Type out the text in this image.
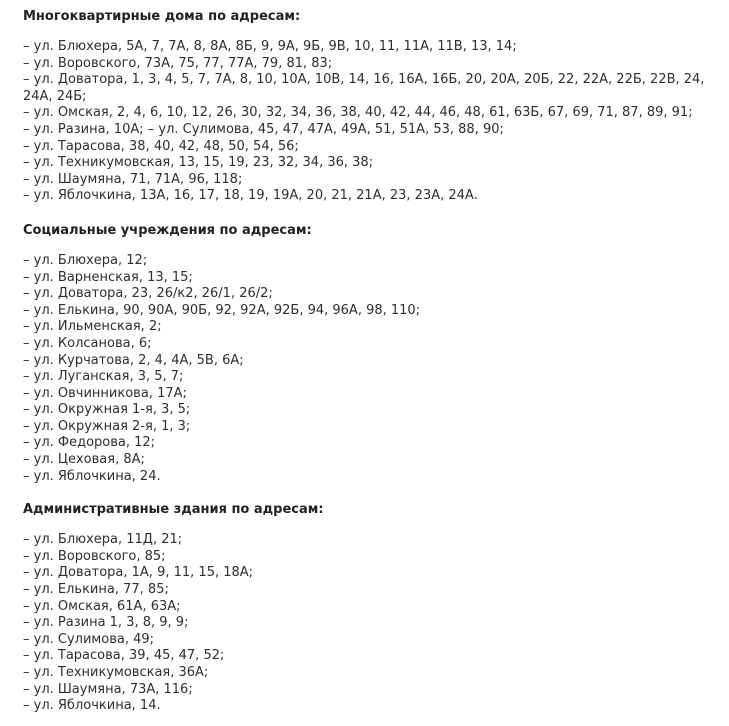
Многоквартирные дома по адресам:

– ул. Блюхера, 5А, 7, 7А, 8, 8А, 8Б, 9, 9А, 9Б, 9В, 10, 11, 11А, 11В, 13, 14;
– ул. Воровского, 73А, 75, 77, 77А, 79, 81, 83;
– ул. Доватора, 1, 3, 4, 5, 7, 7А, 8, 10, 10А, 10В, 14, 16, 16А, 16Б, 20, 20А, 20Б, 22, 22А, 22Б, 22В, 24, 24А, 24Б;
– ул. Омская, 2, 4, 6, 10, 12, 26, 30, 32, 34, 36, 38, 40, 42, 44, 46, 48, 61, 63Б, 67, 69, 71, 87, 89, 91;
– ул. Разина, 10А; – ул. Сулимова, 45, 47, 47А, 49А, 51, 51А, 53, 88, 90;
– ул. Тарасова, 38, 40, 42, 48, 50, 54, 56;
– ул. Техникумовская, 13, 15, 19, 23, 32, 34, 36, 38;
– ул. Шаумяна, 71, 71А, 96, 118;
– ул. Яблочкина, 13А, 16, 17, 18, 19, 19А, 20, 21, 21А, 23, 23А, 24А.

Социальные учреждения по адресам:

– ул. Блюхера, 12;
– ул. Варненская, 13, 15;
– ул. Доватора, 23, 26/к2, 26/1, 26/2;
– ул. Елькина, 90, 90А, 90Б, 92, 92А, 92Б, 94, 96А, 98, 110;
– ул. Ильменская, 2;
– ул. Колсанова, 6;
– ул. Курчатова, 2, 4, 4А, 5В, 6А;
– ул. Луганская, 3, 5, 7;
– ул. Овчинникова, 17А;
– ул. Окружная 1-я, 3, 5;
– ул. Окружная 2-я, 1, 3;
– ул. Федорова, 12;
– ул. Цеховая, 8А;
– ул. Яблочкина, 24.

Административные здания по адресам:

– ул. Блюхера, 11Д, 21;
– ул. Воровского, 85;
– ул. Доватора, 1А, 9, 11, 15, 18А;
– ул. Елькина, 77, 85;
– ул. Омская, 61А, 63А;
– ул. Разина 1, 3, 8, 9, 9;
– ул. Сулимова, 49;
– ул. Тарасова, 39, 45, 47, 52;
– ул. Техникумовская, 36А;
– ул. Шаумяна, 73А, 116;
– ул. Яблочкина, 14.
